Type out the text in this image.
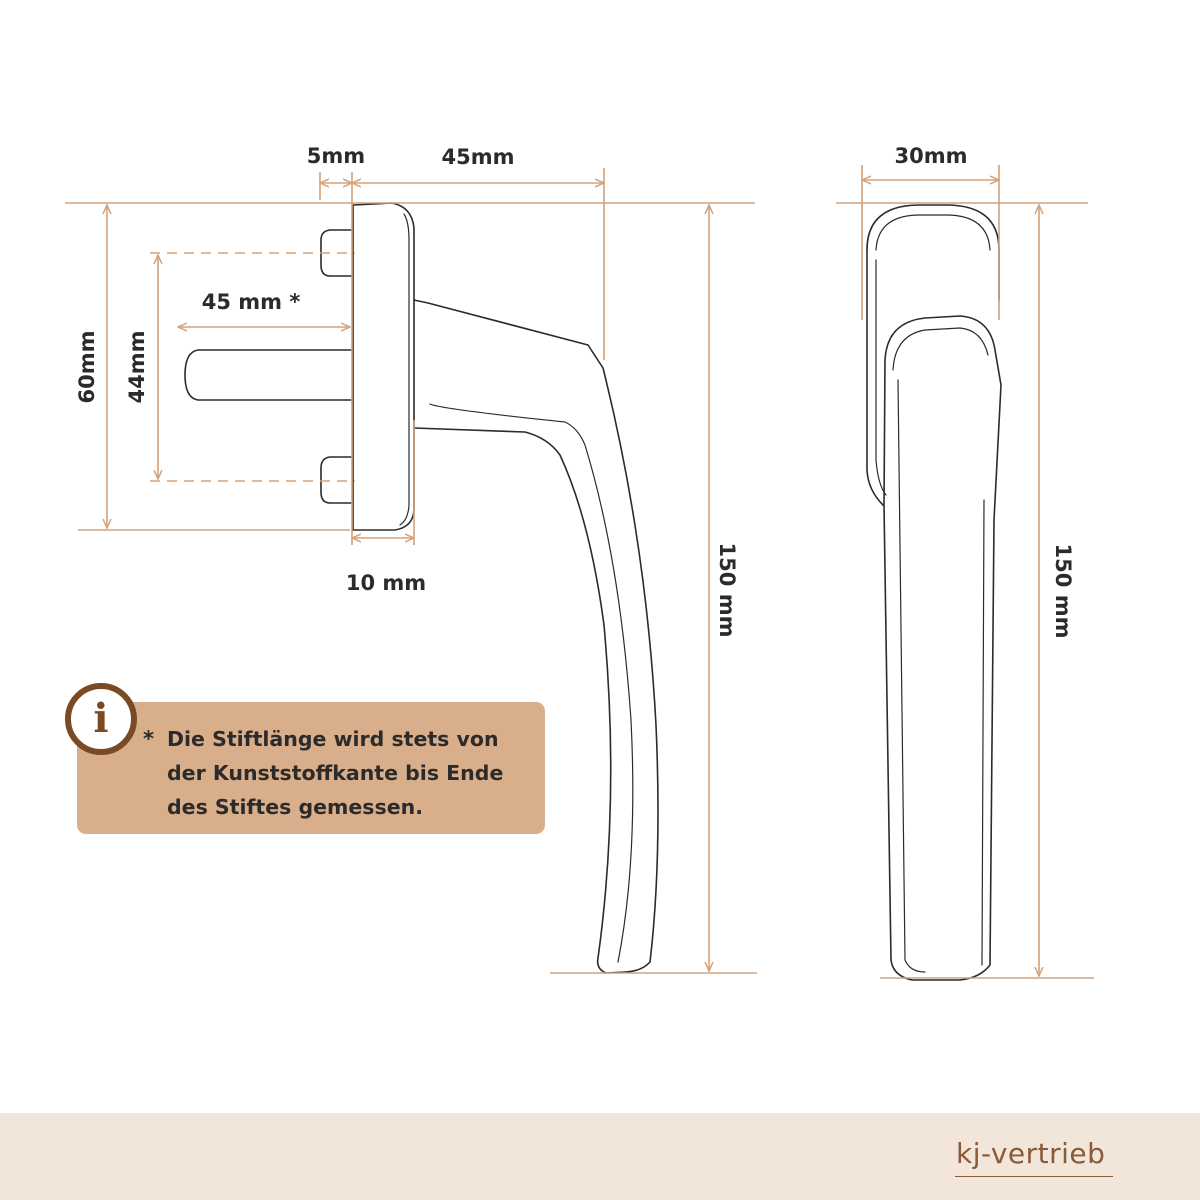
5mm	45mm
45 mm *
60mm 44mm
10 mm	150 mm
30mm
150 mm
* Die Stiftlänge wird stets von der Kunststoffkante bis Ende des Stiftes gemessen.

i
kj-vertrieb
